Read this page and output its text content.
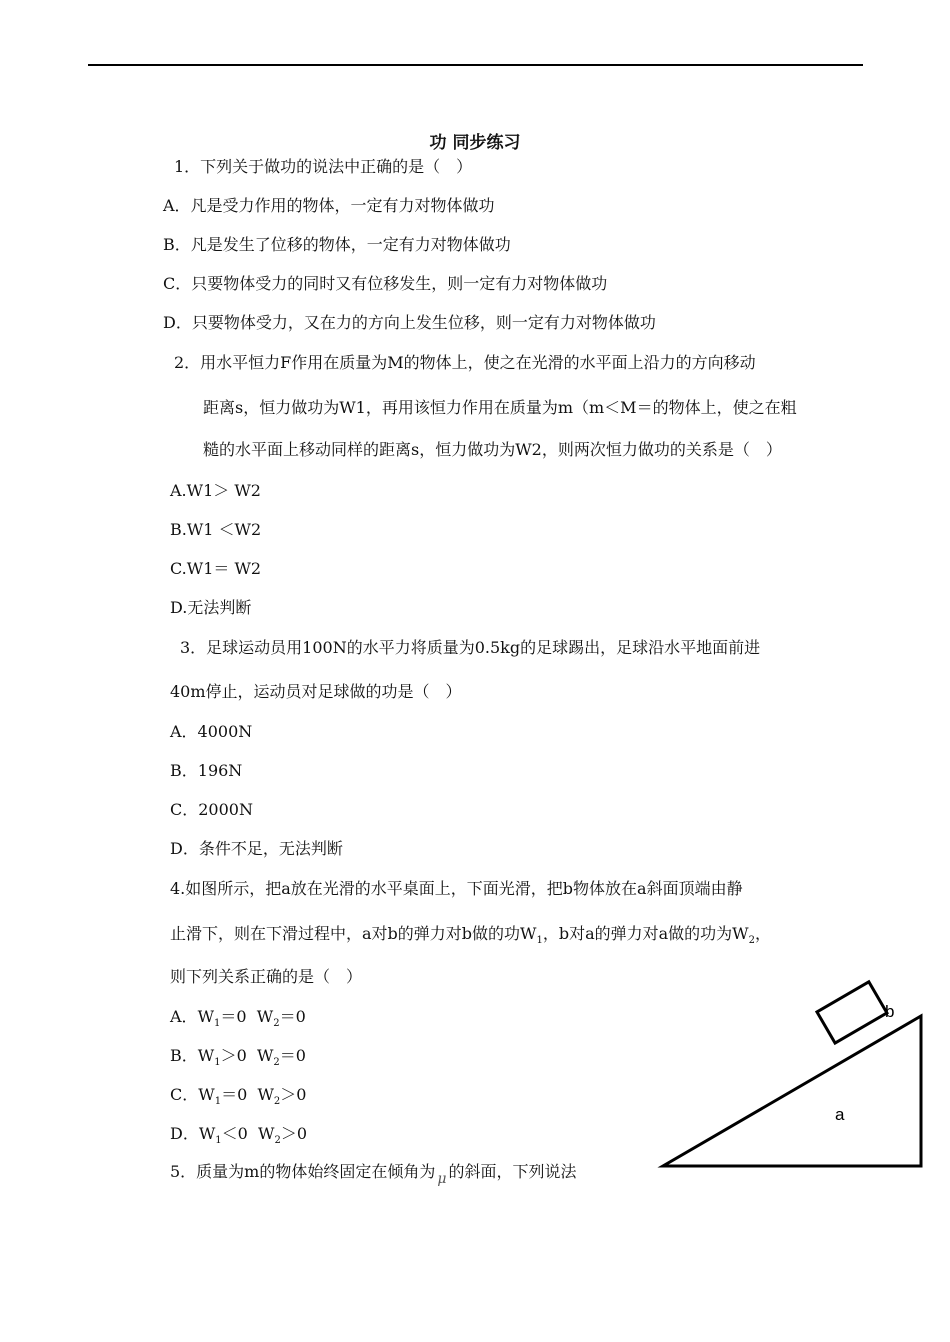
功 同步练习
1．下列关于做功的说法中正确的是（　）
A．凡是受力作用的物体，一定有力对物体做功
B．凡是发生了位移的物体，一定有力对物体做功
C．只要物体受力的同时又有位移发生，则一定有力对物体做功
D．只要物体受力，又在力的方向上发生位移，则一定有力对物体做功
2．用水平恒力F作用在质量为M的物体上，使之在光滑的水平面上沿力的方向移动
距离s，恒力做功为W1，再用该恒力作用在质量为m（m＜M＝的物体上，使之在粗
糙的水平面上移动同样的距离s，恒力做功为W2，则两次恒力做功的关系是（　）
A.W1＞ W2
B.W1 ＜W2
C.W1＝ W2
D.无法判断
3．足球运动员用100N的水平力将质量为0.5kg的足球踢出，足球沿水平地面前进
40m停止，运动员对足球做的功是（　）
A．4000N
B．196N
C．2000N
D．条件不足，无法判断
4.如图所示，把a放在光滑的水平桌面上，下面光滑，把b物体放在a斜面顶端由静
止滑下，则在下滑过程中，a对b的弹力对b做的功$W_1$，b对a的弹力对a做的功为$W_2$，
则下列关系正确的是（　）
A．$W_1=0$ $W_2=0$
B．$W_1>0$ $W_2=0$
C．$W_1=0$ $W_2>0$
D．$W_1<0$ $W_2>0$
5．质量为m的物体始终固定在倾角为 μ 的斜面，下列说法
b
a
